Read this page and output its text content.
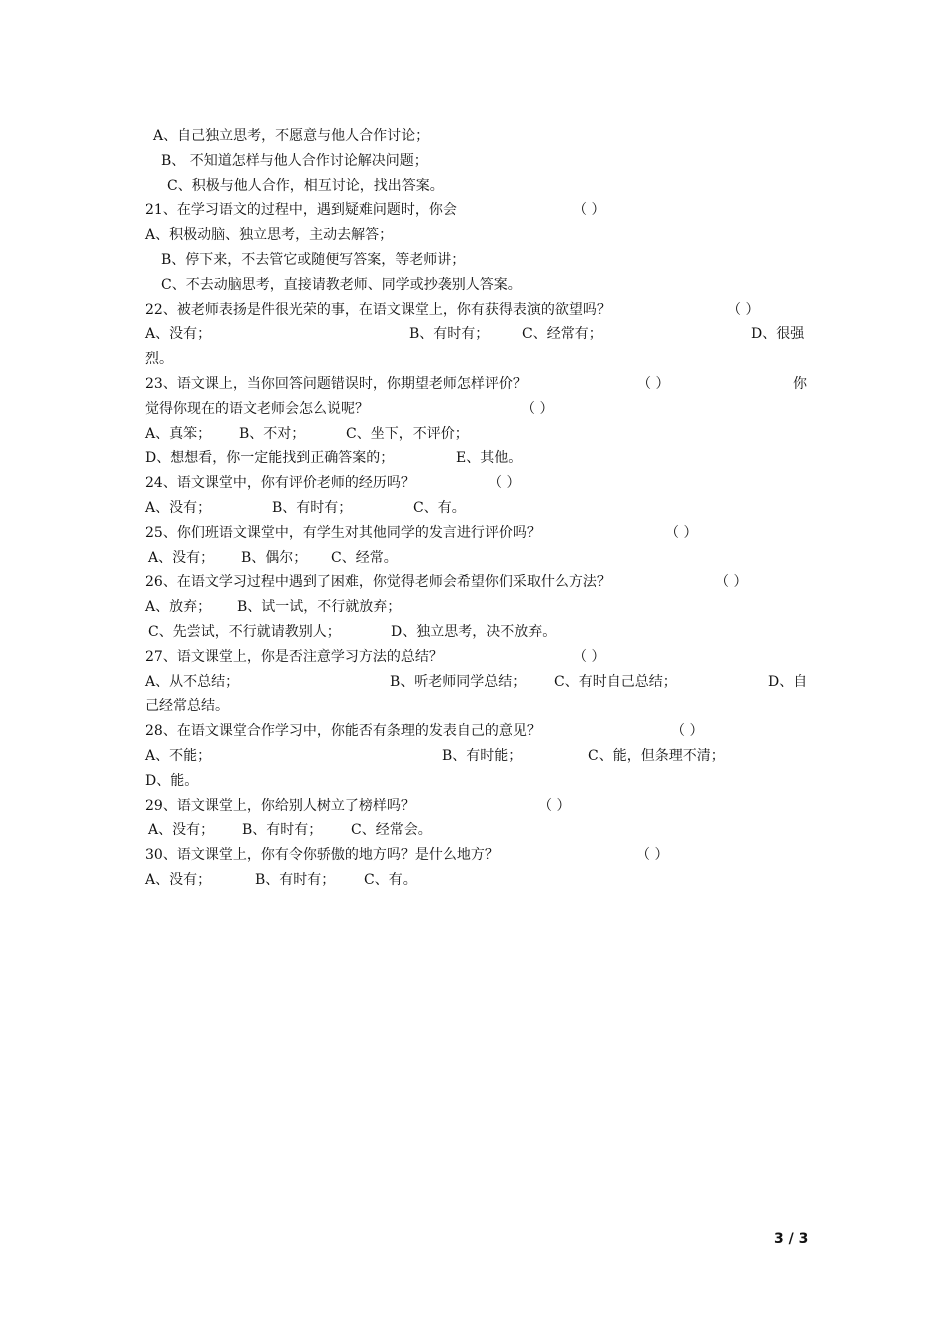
A、自己独立思考，不愿意与他人合作讨论；
B、 不知道怎样与他人合作讨论解决问题；
C、积极与他人合作，相互讨论，找出答案。
21、在学习语文的过程中，遇到疑难问题时，你会	（ ）
A、积极动脑、独立思考，主动去解答；
B、停下来，不去管它或随便写答案，等老师讲；
C、不去动脑思考，直接请教老师、同学或抄袭别人答案。
22、被老师表扬是件很光荣的事，在语文课堂上，你有获得表演的欲望吗？	（ ）
A、没有；	B、有时有； C、经常有；	D、很强
烈。
23、语文课上，当你回答问题错误时，你期望老师怎样评价？	（ ）	你
觉得你现在的语文老师会怎么说呢？	（ ）
A、真笨； B、不对；	C、坐下，不评价；
D、想想看，你一定能找到正确答案的；	E、其他。
24、语文课堂中，你有评价老师的经历吗？	（ ）
A、没有；	B、有时有；	C、有。
25、你们班语文课堂中，有学生对其他同学的发言进行评价吗？	（ ）
A、没有； B、偶尔； C、经常。
26、在语文学习过程中遇到了困难，你觉得老师会希望你们采取什么方法？	（ ）
A、放弃； B、试一试，不行就放弃；
C、先尝试，不行就请教别人；	D、独立思考，决不放弃。
27、语文课堂上，你是否注意学习方法的总结？	（ ）
A、从不总结；	B、听老师同学总结； C、有时自己总结；	D、自
己经常总结。
28、在语文课堂合作学习中，你能否有条理的发表自己的意见？	（ ）
A、不能；	B、有时能；	C、能，但条理不清；
D、能。
29、语文课堂上，你给别人树立了榜样吗？	（ ）
A、没有； B、有时有； C、经常会。
30、语文课堂上，你有令你骄傲的地方吗？是什么地方？	（ ）
A、没有；	B、有时有； C、有。
3 / 3
